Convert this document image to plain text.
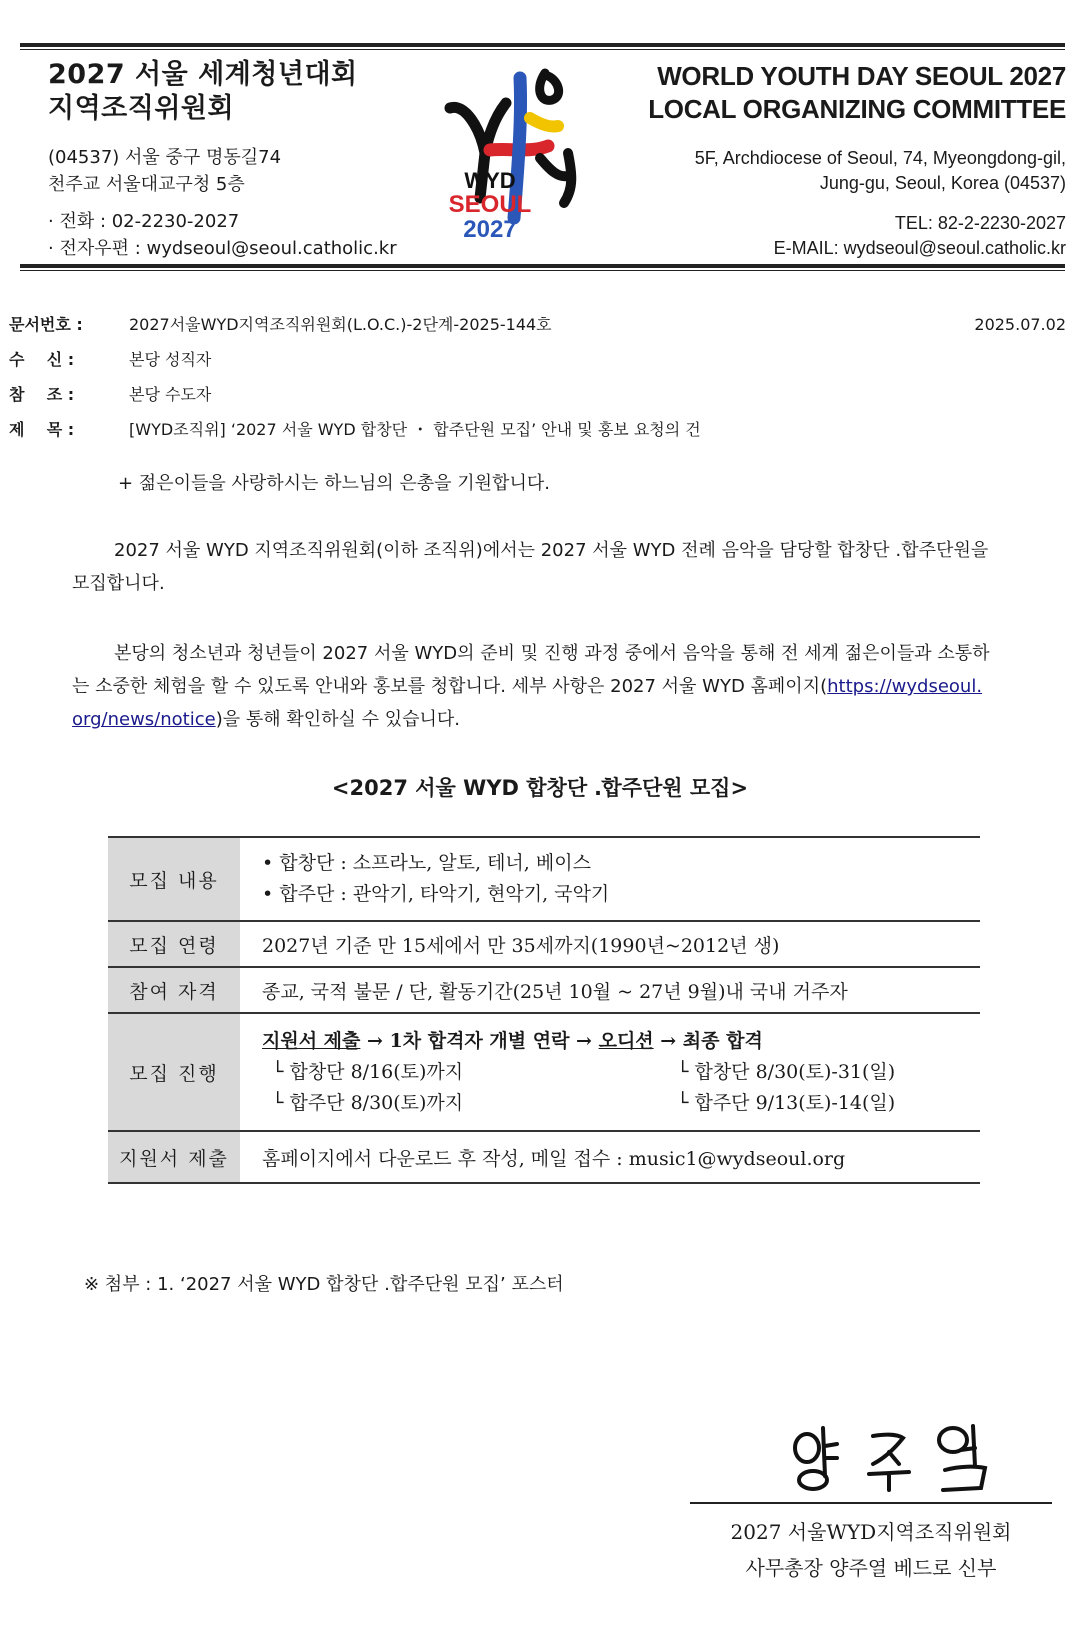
2027 서울 세계청년대회
지역조직위원회
(04537) 서울 중구 명동길74
천주교 서울대교구청 5층
· 전화 : 02-2230-2027
· 전자우편 : wydseoul@seoul.catholic.kr
WYD
SEOUL
2027
WORLD YOUTH DAY SEOUL 2027
LOCAL ORGANIZING COMMITTEE
5F, Archdiocese of Seoul, 74, Myeongdong-gil,
Jung-gu, Seoul, Korea (04537)
TEL: 82-2-2230-2027
E-MAIL: wydseoul@seoul.catholic.kr
문서번호 :	2027서울WYD지역조직위원회(L.O.C.)-2단계-2025-144호	2025.07.02
수    신 :	본당 성직자
참    조 :	본당 수도자
제    목 :	[WYD조직위] ‘2027 서울 WYD 합창단 ・ 합주단원 모집’ 안내 및 홍보 요청의 건
+ 젊은이들을 사랑하시는 하느님의 은총을 기원합니다.
2027 서울 WYD 지역조직위원회(이하 조직위)에서는 2027 서울 WYD 전례 음악을 담당할 합창단 ․합주단원을 모집합니다.
본당의 청소년과 청년들이 2027 서울 WYD의 준비 및 진행 과정 중에서 음악을 통해 전 세계 젊은이들과 소통하는 소중한 체험을 할 수 있도록 안내와 홍보를 청합니다. 세부 사항은 2027 서울 WYD 홈페이지(https://wydseoul.org/news/notice)을 통해 확인하실 수 있습니다.
<2027 서울 WYD 합창단 ․합주단원 모집>
모집 내용	• 합창단 : 소프라노, 알토, 테너, 베이스
• 합주단 : 관악기, 타악기, 현악기, 국악기

모집 연령	2027년 기준 만 15세에서 만 35세까지(1990년~2012년 생)
참여 자격	종교, 국적 불문 / 단, 활동기간(25년 10월 ~ 27년 9월)내 국내 거주자
모집 진행	지원서 제출 → 1차 합격자 개별 연락 → 오디션 → 최종 합격
└ 합창단 8/16(토)까지 └ 합창단 8/30(토)-31(일)
└ 합주단 8/30(토)까지 └ 합주단 9/13(토)-14(일)

지원서 제출	홈페이지에서 다운로드 후 작성, 메일 접수 : music1@wydseoul.org
※ 첨부 : 1. ‘2027 서울 WYD 합창단 ․합주단원 모집’ 포스터
2027 서울WYD지역조직위원회
사무총장 양주열 베드로 신부
